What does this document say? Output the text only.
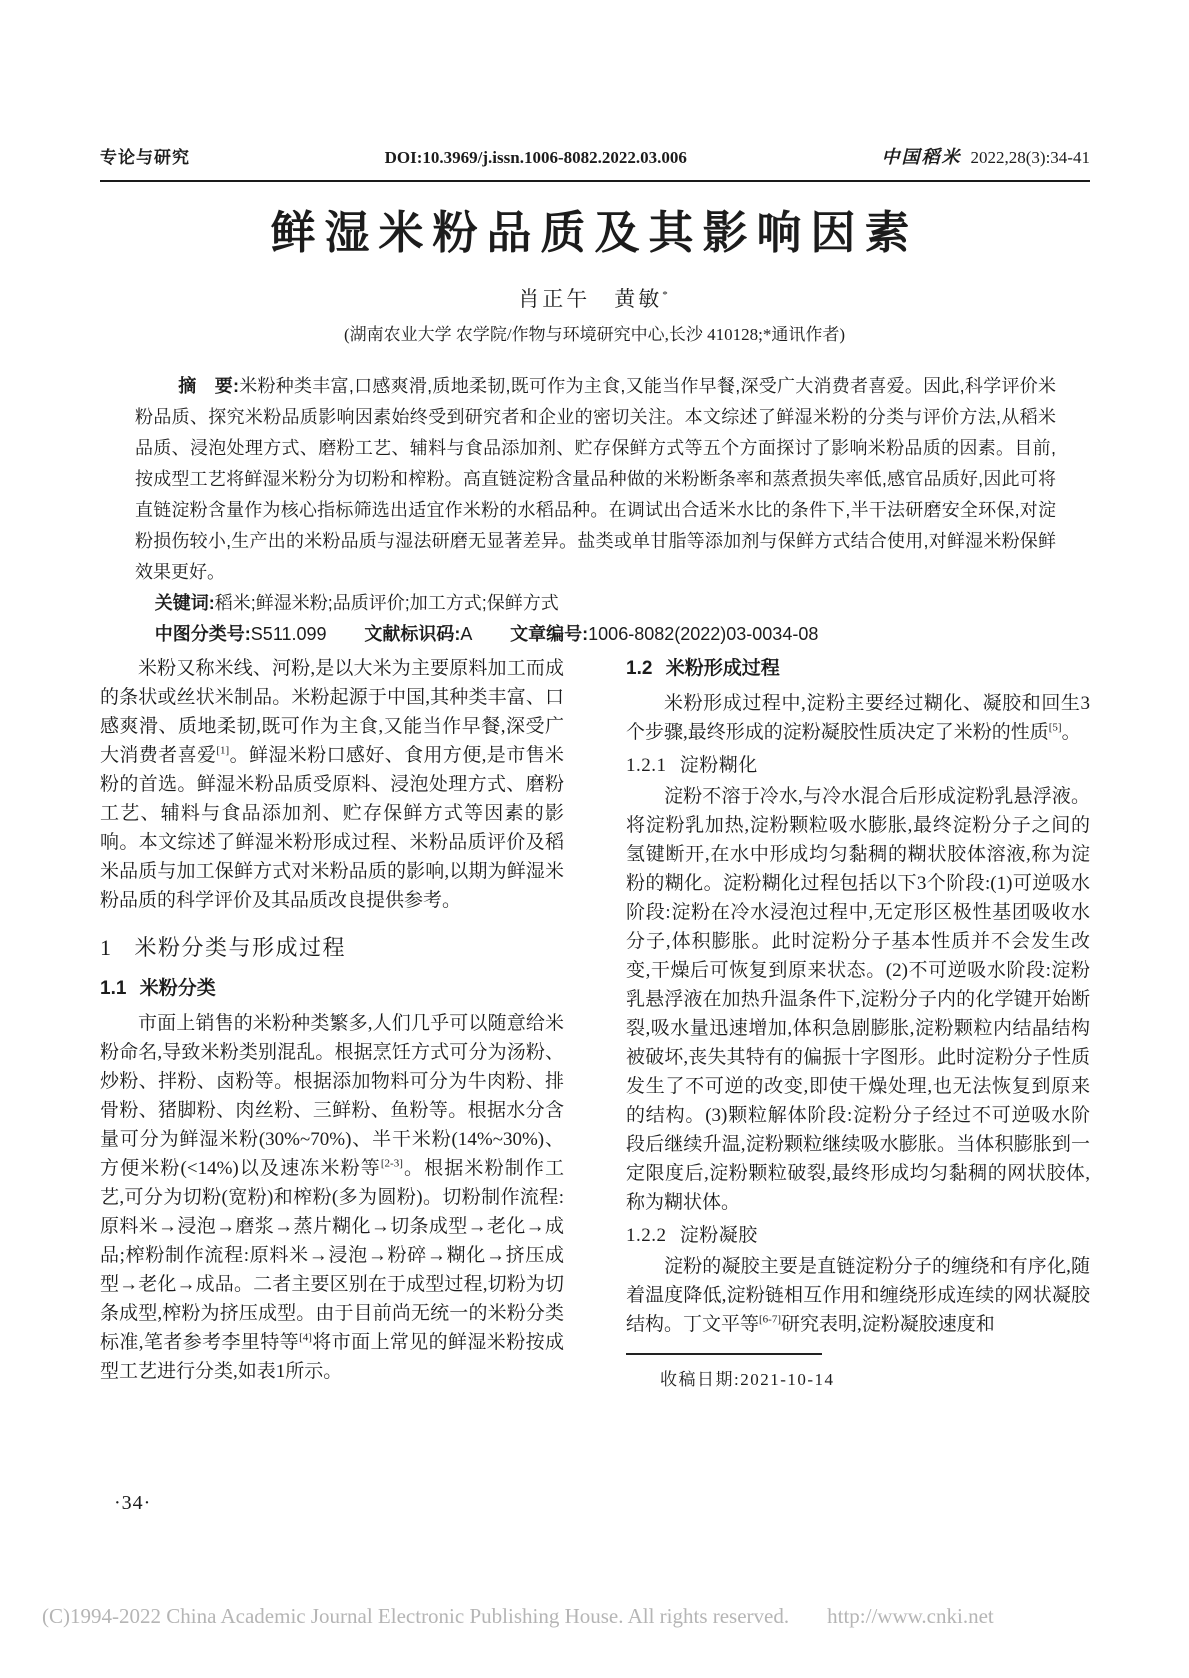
专论与研究	DOI:10.3969/j.issn.1006-8082.2022.03.006	中国稻米 2022,28(3):34-41
鲜湿米粉品质及其影响因素
肖正午　黄敏*
(湖南农业大学 农学院/作物与环境研究中心,长沙 410128;*通讯作者)

摘　要:米粉种类丰富,口感爽滑,质地柔韧,既可作为主食,又能当作早餐,深受广大消费者喜爱。因此,科学评价米粉品质、探究米粉品质影响因素始终受到研究者和企业的密切关注。本文综述了鲜湿米粉的分类与评价方法,从稻米品质、浸泡处理方式、磨粉工艺、辅料与食品添加剂、贮存保鲜方式等五个方面探讨了影响米粉品质的因素。目前,按成型工艺将鲜湿米粉分为切粉和榨粉。高直链淀粉含量品种做的米粉断条率和蒸煮损失率低,感官品质好,因此可将直链淀粉含量作为核心指标筛选出适宜作米粉的水稻品种。在调试出合适米水比的条件下,半干法研磨安全环保,对淀粉损伤较小,生产出的米粉品质与湿法研磨无显著差异。盐类或单甘脂等添加剂与保鲜方式结合使用,对鲜湿米粉保鲜效果更好。

关键词:稻米;鲜湿米粉;品质评价;加工方式;保鲜方式

中图分类号:S511.099 文献标识码:A 文章编号:1006-8082(2022)03-0034-08

米粉又称米线、河粉,是以大米为主要原料加工而成的条状或丝状米制品。米粉起源于中国,其种类丰富、口感爽滑、质地柔韧,既可作为主食,又能当作早餐,深受广大消费者喜爱[1]。鲜湿米粉口感好、食用方便,是市售米粉的首选。鲜湿米粉品质受原料、浸泡处理方式、磨粉工艺、辅料与食品添加剂、贮存保鲜方式等因素的影响。本文综述了鲜湿米粉形成过程、米粉品质评价及稻米品质与加工保鲜方式对米粉品质的影响,以期为鲜湿米粉品质的科学评价及其品质改良提供参考。

1 米粉分类与形成过程
1.1 米粉分类

市面上销售的米粉种类繁多,人们几乎可以随意给米粉命名,导致米粉类别混乱。根据烹饪方式可分为汤粉、炒粉、拌粉、卤粉等。根据添加物料可分为牛肉粉、排骨粉、猪脚粉、肉丝粉、三鲜粉、鱼粉等。根据水分含量可分为鲜湿米粉(30%~70%)、半干米粉(14%~30%)、方便米粉(<14%)以及速冻米粉等[2-3]。根据米粉制作工艺,可分为切粉(宽粉)和榨粉(多为圆粉)。切粉制作流程:原料米→浸泡→磨浆→蒸片糊化→切条成型→老化→成品;榨粉制作流程:原料米→浸泡→粉碎→糊化→挤压成型→老化→成品。二者主要区别在于成型过程,切粉为切条成型,榨粉为挤压成型。由于目前尚无统一的米粉分类标准,笔者参考李里特等[4]将市面上常见的鲜湿米粉按成型工艺进行分类,如表1所示。

1.2 米粉形成过程

米粉形成过程中,淀粉主要经过糊化、凝胶和回生3个步骤,最终形成的淀粉凝胶性质决定了米粉的性质[5]。

1.2.1 淀粉糊化

淀粉不溶于冷水,与冷水混合后形成淀粉乳悬浮液。将淀粉乳加热,淀粉颗粒吸水膨胀,最终淀粉分子之间的氢键断开,在水中形成均匀黏稠的糊状胶体溶液,称为淀粉的糊化。淀粉糊化过程包括以下3个阶段:(1)可逆吸水阶段:淀粉在冷水浸泡过程中,无定形区极性基团吸收水分子,体积膨胀。此时淀粉分子基本性质并不会发生改变,干燥后可恢复到原来状态。(2)不可逆吸水阶段:淀粉乳悬浮液在加热升温条件下,淀粉分子内的化学键开始断裂,吸水量迅速增加,体积急剧膨胀,淀粉颗粒内结晶结构被破坏,丧失其特有的偏振十字图形。此时淀粉分子性质发生了不可逆的改变,即使干燥处理,也无法恢复到原来的结构。(3)颗粒解体阶段:淀粉分子经过不可逆吸水阶段后继续升温,淀粉颗粒继续吸水膨胀。当体积膨胀到一定限度后,淀粉颗粒破裂,最终形成均匀黏稠的网状胶体,称为糊状体。

1.2.2 淀粉凝胶

淀粉的凝胶主要是直链淀粉分子的缠绕和有序化,随着温度降低,淀粉链相互作用和缠绕形成连续的网状凝胶结构。丁文平等[6-7]研究表明,淀粉凝胶速度和

收稿日期:2021-10-14

·34·
(C)1994-2022 China Academic Journal Electronic Publishing House. All rights reserved. http://www.cnki.net
